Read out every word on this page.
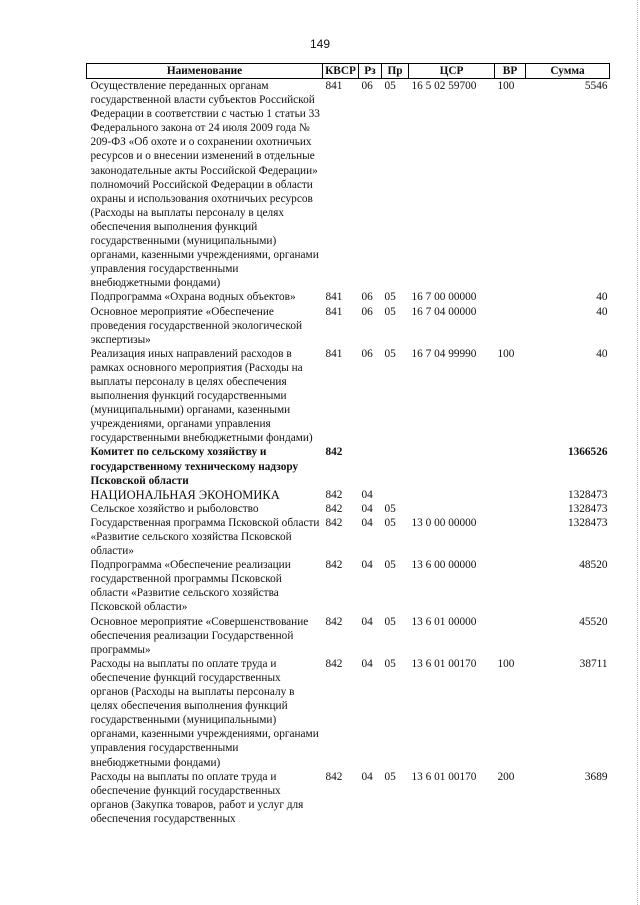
149
Наименование	КВСР	Рз	Пр	ЦСР	ВР	Сумма
Осуществление переданных органам государственной власти субъектов Российской Федерации в соответствии с частью 1 статьи 33 Федерального закона от 24 июля 2009 года № 209-ФЗ «Об охоте и о сохранении охотничьих ресурсов и о внесении изменений в отдельные законодательные акты Российской Федерации» полномочий Российской Федерации в области охраны и использования охотничьих ресурсов (Расходы на выплаты персоналу в целях обеспечения выполнения функций государственными (муниципальными) органами, казенными учреждениями, органами управления государственными внебюджетными фондами)	841	06	05	16 5 02 59700	100	5546
Подпрограмма «Охрана водных объектов»	841	06	05	16 7 00 00000		40
Основное мероприятие «Обеспечение проведения государственной экологической экспертизы»	841	06	05	16 7 04 00000		40
Реализация иных направлений расходов в рамках основного мероприятия (Расходы на выплаты персоналу в целях обеспечения выполнения функций государственными (муниципальными) органами, казенными учреждениями, органами управления государственными внебюджетными фондами)	841	06	05	16 7 04 99990	100	40
Комитет по сельскому хозяйству и государственному техническому надзору Псковской области	842					1366526
НАЦИОНАЛЬНАЯ ЭКОНОМИКА	842	04				1328473
Сельское хозяйство и рыболовство	842	04	05			1328473
Государственная программа Псковской области «Развитие сельского хозяйства Псковской области»	842	04	05	13 0 00 00000		1328473
Подпрограмма «Обеспечение реализации государственной программы Псковской области «Развитие сельского хозяйства Псковской области»	842	04	05	13 6 00 00000		48520
Основное мероприятие «Совершенствование обеспечения реализации Государственной программы»	842	04	05	13 6 01 00000		45520
Расходы на выплаты по оплате труда и обеспечение функций государственных органов (Расходы на выплаты персоналу в целях обеспечения выполнения функций государственными (муниципальными) органами, казенными учреждениями, органами управления государственными внебюджетными фондами)	842	04	05	13 6 01 00170	100	38711
Расходы на выплаты по оплате труда и обеспечение функций государственных органов (Закупка товаров, работ и услуг для обеспечения государственных	842	04	05	13 6 01 00170	200	3689
